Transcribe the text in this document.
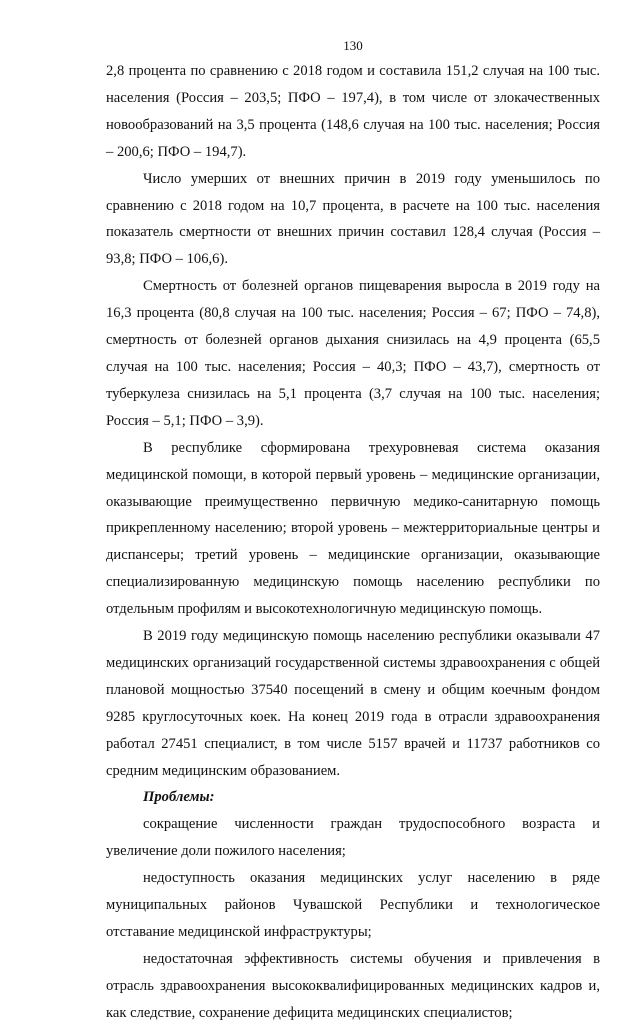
130

2,8 процента по сравнению с 2018 годом и составила 151,2 случая на 100 тыс. населения (Россия – 203,5; ПФО – 197,4), в том числе от злокачественных новообразований на 3,5 процента (148,6 случая на 100 тыс. населения; Россия – 200,6; ПФО – 194,7).

Число умерших от внешних причин в 2019 году уменьшилось по сравнению с 2018 годом на 10,7 процента, в расчете на 100 тыс. населения показатель смертности от внешних причин составил 128,4 случая (Россия – 93,8; ПФО – 106,6).

Смертность от болезней органов пищеварения выросла в 2019 году на 16,3 процента (80,8 случая на 100 тыс. населения; Россия – 67; ПФО – 74,8), смертность от болезней органов дыхания снизилась на 4,9 процента (65,5 случая на 100 тыс. населения; Россия – 40,3; ПФО – 43,7), смертность от туберкулеза снизилась на 5,1 процента (3,7 случая на 100 тыс. населения; Россия – 5,1; ПФО – 3,9).

В республике сформирована трехуровневая система оказания медицинской помощи, в которой первый уровень – медицинские организации, оказывающие преимущественно первичную медико-санитарную помощь прикрепленному населению; второй уровень – межтерриториальные центры и диспансеры; третий уровень – медицинские организации, оказывающие специализированную медицинскую помощь населению республики по отдельным профилям и высокотехнологичную медицинскую помощь.

В 2019 году медицинскую помощь населению республики оказывали 47 медицинских организаций государственной системы здравоохранения с общей плановой мощностью 37540 посещений в смену и общим коечным фондом 9285 круглосуточных коек. На конец 2019 года в отрасли здравоохранения работал 27451 специалист, в том числе 5157 врачей и 11737 работников со средним медицинским образованием.

Проблемы:

сокращение численности граждан трудоспособного возраста и увеличение доли пожилого населения;

недоступность оказания медицинских услуг населению в ряде муниципальных районов Чувашской Республики и технологическое отставание медицинской инфраструктуры;

недостаточная эффективность системы обучения и привлечения в отрасль здравоохранения высококвалифицированных медицинских кадров и, как следствие, сохранение дефицита медицинских специалистов;
